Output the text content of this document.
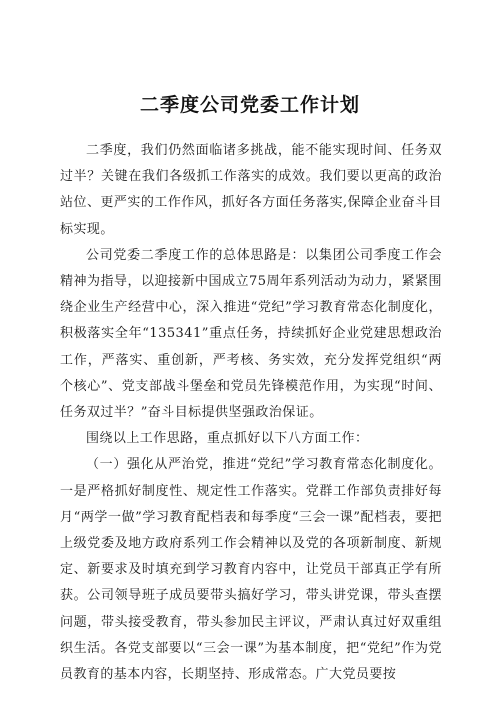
二季度公司党委工作计划

二季度，我们仍然面临诸多挑战，能不能实现时间、任务双过半？关键在我们各级抓工作落实的成效。我们要以更高的政治站位、更严实的工作作风，抓好各方面任务落实,保障企业奋斗目标实现。

公司党委二季度工作的总体思路是：以集团公司季度工作会精神为指导，以迎接新中国成立75周年系列活动为动力，紧紧围绕企业生产经营中心，深入推进“党纪”学习教育常态化制度化，积极落实全年“135341”重点任务，持续抓好企业党建思想政治工作，严落实、重创新，严考核、务实效，充分发挥党组织“两个核心”、党支部战斗堡垒和党员先锋模范作用，为实现“时间、任务双过半？”奋斗目标提供坚强政治保证。

围绕以上工作思路，重点抓好以下八方面工作：

（一）强化从严治党，推进“党纪”学习教育常态化制度化。一是严格抓好制度性、规定性工作落实。党群工作部负责排好每月“两学一做”学习教育配档表和每季度“三会一课”配档表，要把上级党委及地方政府系列工作会精神以及党的各项新制度、新规定、新要求及时填充到学习教育内容中，让党员干部真正学有所获。公司领导班子成员要带头搞好学习，带头讲党课，带头查摆问题，带头接受教育，带头参加民主评议，严肃认真过好双重组织生活。各党支部要以“三会一课”为基本制度，把“党纪”作为党员教育的基本内容，长期坚持、形成常态。广大党员要按
